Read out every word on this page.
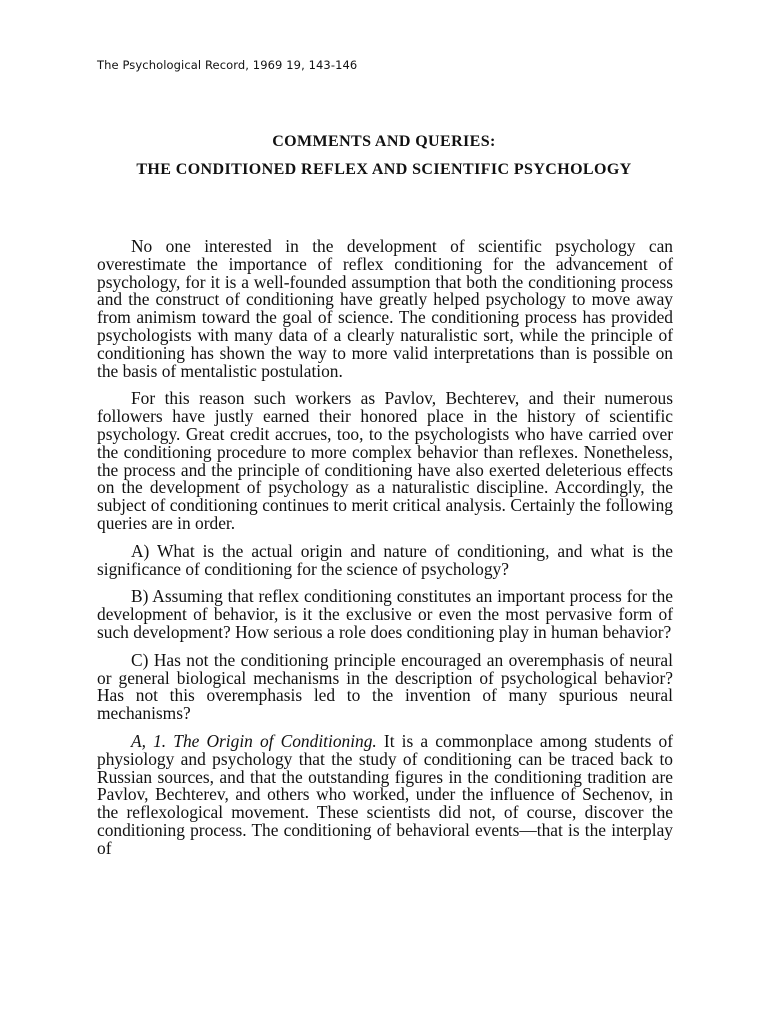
The Psychological Record, 1969 19, 143-146

COMMENTS AND QUERIES:
THE CONDITIONED REFLEX AND SCIENTIFIC PSYCHOLOGY

No one interested in the development of scientific psychology can overestimate the importance of reflex conditioning for the advancement of psychology, for it is a well-founded assumption that both the conditioning process and the construct of conditioning have greatly helped psychology to move away from animism toward the goal of science. The conditioning process has provided psychologists with many data of a clearly naturalistic sort, while the principle of conditioning has shown the way to more valid interpretations than is possible on the basis of mentalistic postulation.

For this reason such workers as Pavlov, Bechterev, and their numerous followers have justly earned their honored place in the history of scientific psychology. Great credit accrues, too, to the psychologists who have carried over the conditioning procedure to more complex behavior than reflexes. Nonetheless, the process and the principle of conditioning have also exerted deleterious effects on the development of psychology as a naturalistic discipline. Accordingly, the subject of conditioning continues to merit critical analysis. Certainly the following queries are in order.

A) What is the actual origin and nature of conditioning, and what is the significance of conditioning for the science of psychology?

B) Assuming that reflex conditioning constitutes an important process for the development of behavior, is it the exclusive or even the most pervasive form of such development? How serious a role does conditioning play in human behavior?

C) Has not the conditioning principle encouraged an overemphasis of neural or general biological mechanisms in the description of psychological behavior? Has not this overemphasis led to the invention of many spurious neural mechanisms?

A, 1. The Origin of Conditioning. It is a commonplace among students of physiology and psychology that the study of conditioning can be traced back to Russian sources, and that the outstanding figures in the conditioning tradition are Pavlov, Bechterev, and others who worked, under the influence of Sechenov, in the reflexological movement. These scientists did not, of course, discover the conditioning process. The conditioning of behavioral events—that is the interplay of
